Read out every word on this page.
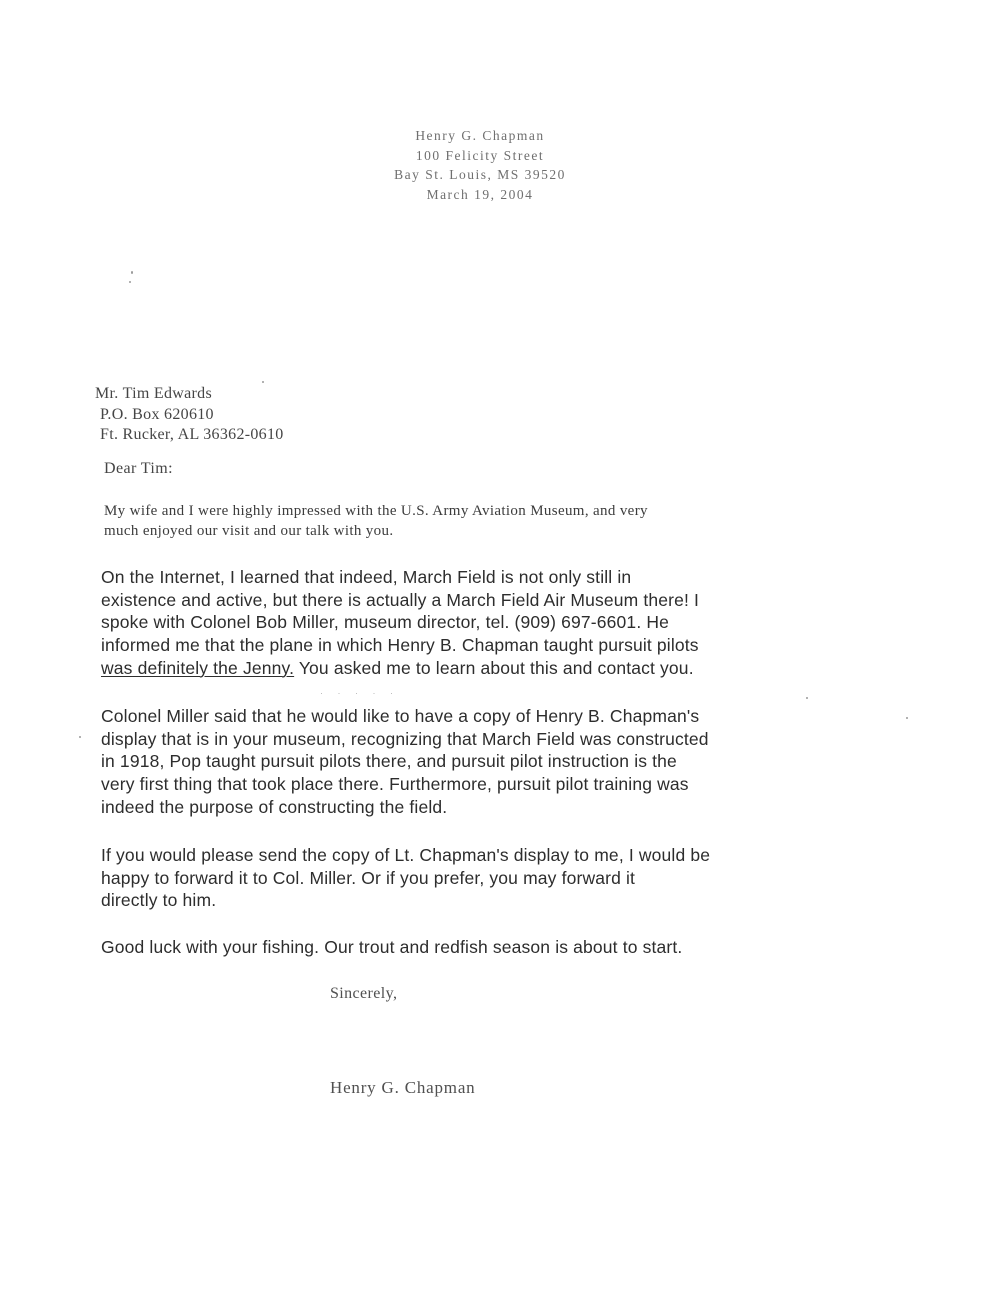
Henry G. Chapman
100 Felicity Street
Bay St. Louis, MS 39520
March 19, 2004
Mr. Tim Edwards
P.O. Box 620610
Ft. Rucker, AL 36362-0610
Dear Tim:
My wife and I were highly impressed with the U.S. Army Aviation Museum, and very
much enjoyed our visit and our talk with you.
On the Internet, I learned that indeed, March Field is not only still in
existence and active, but there is actually a March Field Air Museum there! I
spoke with Colonel Bob Miller, museum director, tel. (909) 697-6601. He
informed me that the plane in which Henry B. Chapman taught pursuit pilots
was definitely the Jenny. You asked me to learn about this and contact you.
· · · · ·
Colonel Miller said that he would like to have a copy of Henry B. Chapman's
display that is in your museum, recognizing that March Field was constructed
in 1918, Pop taught pursuit pilots there, and pursuit pilot instruction is the
very first thing that took place there. Furthermore, pursuit pilot training was
indeed the purpose of constructing the field.
If you would please send the copy of Lt. Chapman's display to me, I would be
happy to forward it to Col. Miller. Or if you prefer, you may forward it
directly to him.
Good luck with your fishing. Our trout and redfish season is about to start.
Sincerely,
Henry G. Chapman
